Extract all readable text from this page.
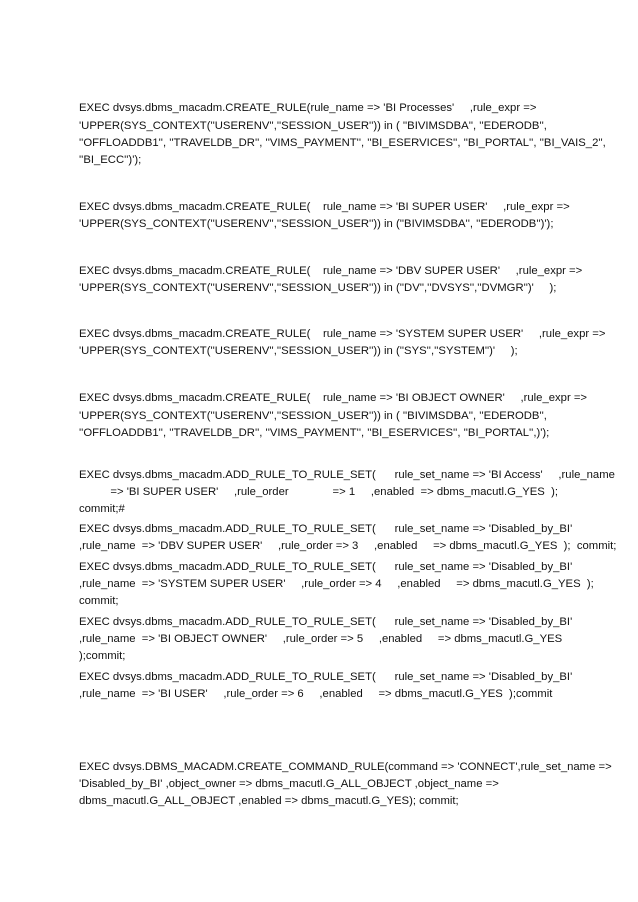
EXEC dvsys.dbms_macadm.CREATE_RULE(rule_name => 'BI Processes'     ,rule_expr =>
'UPPER(SYS_CONTEXT(''USERENV'',''SESSION_USER'')) in ( ''BIVIMSDBA'', ''EDERODB'',
''OFFLOADDB1'', ''TRAVELDB_DR'', ''VIMS_PAYMENT'', ''BI_ESERVICES'', ''BI_PORTAL'', ''BI_VAIS_2'',
''BI_ECC'')');
EXEC dvsys.dbms_macadm.CREATE_RULE(    rule_name => 'BI SUPER USER'     ,rule_expr =>
'UPPER(SYS_CONTEXT(''USERENV'',''SESSION_USER'')) in (''BIVIMSDBA'', ''EDERODB'')');
EXEC dvsys.dbms_macadm.CREATE_RULE(    rule_name => 'DBV SUPER USER'     ,rule_expr =>
'UPPER(SYS_CONTEXT(''USERENV'',''SESSION_USER'')) in (''DV'',''DVSYS'',''DVMGR'')'     );
EXEC dvsys.dbms_macadm.CREATE_RULE(    rule_name => 'SYSTEM SUPER USER'     ,rule_expr =>
'UPPER(SYS_CONTEXT(''USERENV'',''SESSION_USER'')) in (''SYS'',''SYSTEM'')'     );
EXEC dvsys.dbms_macadm.CREATE_RULE(    rule_name => 'BI OBJECT OWNER'     ,rule_expr =>
'UPPER(SYS_CONTEXT(''USERENV'',''SESSION_USER'')) in ( ''BIVIMSDBA'', ''EDERODB'',
''OFFLOADDB1'', ''TRAVELDB_DR'', ''VIMS_PAYMENT'', ''BI_ESERVICES'', ''BI_PORTAL'',)');
EXEC dvsys.dbms_macadm.ADD_RULE_TO_RULE_SET(      rule_set_name => 'BI Access'     ,rule_name
=> 'BI SUPER USER'     ,rule_order              => 1     ,enabled  => dbms_macutl.G_YES  );
commit;#
EXEC dvsys.dbms_macadm.ADD_RULE_TO_RULE_SET(      rule_set_name => 'Disabled_by_BI'
,rule_name  => 'DBV SUPER USER'     ,rule_order => 3     ,enabled     => dbms_macutl.G_YES  );  commit;
EXEC dvsys.dbms_macadm.ADD_RULE_TO_RULE_SET(      rule_set_name => 'Disabled_by_BI'
,rule_name  => 'SYSTEM SUPER USER'     ,rule_order => 4     ,enabled     => dbms_macutl.G_YES  );
commit;
EXEC dvsys.dbms_macadm.ADD_RULE_TO_RULE_SET(      rule_set_name => 'Disabled_by_BI'
,rule_name  => 'BI OBJECT OWNER'     ,rule_order => 5     ,enabled     => dbms_macutl.G_YES
);commit;
EXEC dvsys.dbms_macadm.ADD_RULE_TO_RULE_SET(      rule_set_name => 'Disabled_by_BI'
,rule_name  => 'BI USER'     ,rule_order => 6     ,enabled     => dbms_macutl.G_YES  );commit
EXEC dvsys.DBMS_MACADM.CREATE_COMMAND_RULE(command => 'CONNECT',rule_set_name =>
'Disabled_by_BI' ,object_owner => dbms_macutl.G_ALL_OBJECT ,object_name =>
dbms_macutl.G_ALL_OBJECT ,enabled => dbms_macutl.G_YES); commit;
